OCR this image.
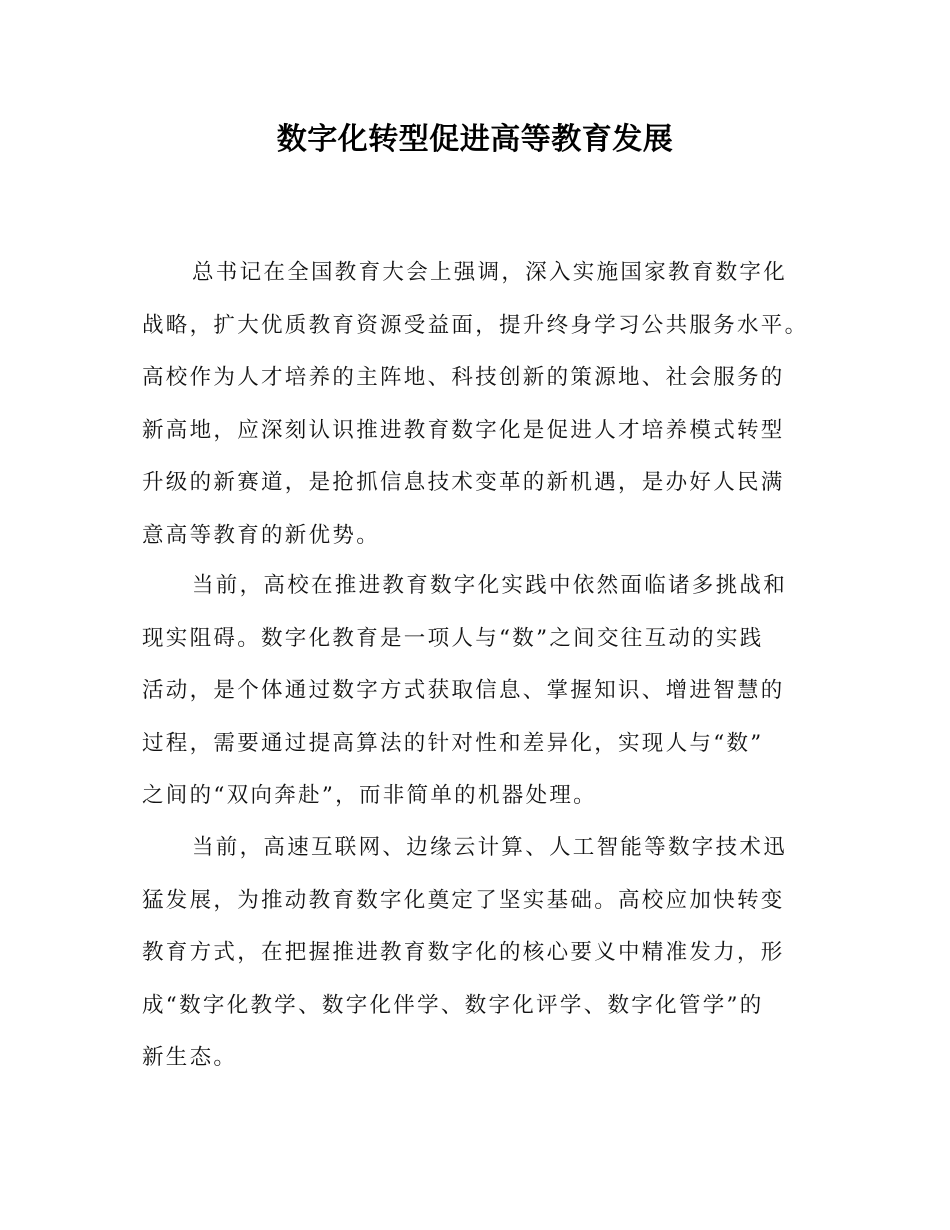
数字化转型促进高等教育发展
总书记在全国教育大会上强调，深入实施国家教育数字化
战略，扩大优质教育资源受益面，提升终身学习公共服务水平。
高校作为人才培养的主阵地、科技创新的策源地、社会服务的
新高地，应深刻认识推进教育数字化是促进人才培养模式转型
升级的新赛道，是抢抓信息技术变革的新机遇，是办好人民满
意高等教育的新优势。
当前，高校在推进教育数字化实践中依然面临诸多挑战和
现实阻碍。数字化教育是一项人与“数”之间交往互动的实践
活动，是个体通过数字方式获取信息、掌握知识、增进智慧的
过程，需要通过提高算法的针对性和差异化，实现人与“数”
之间的“双向奔赴”，而非简单的机器处理。
当前，高速互联网、边缘云计算、人工智能等数字技术迅
猛发展，为推动教育数字化奠定了坚实基础。高校应加快转变
教育方式，在把握推进教育数字化的核心要义中精准发力，形
成“数字化教学、数字化伴学、数字化评学、数字化管学”的
新生态。
